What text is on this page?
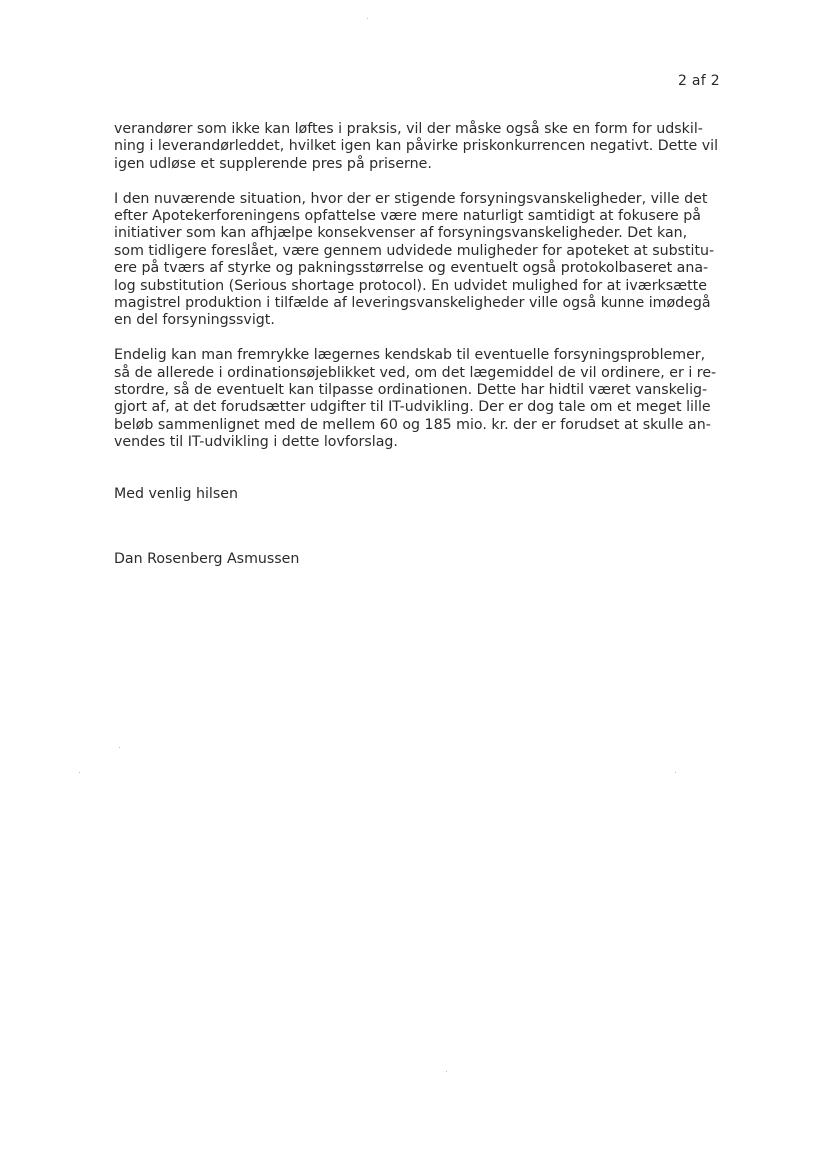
2 af 2

verandører som ikke kan løftes i praksis, vil der måske også ske en form for udskil-

ning i leverandørleddet, hvilket igen kan påvirke priskonkurrencen negativt. Dette vil

igen udløse et supplerende pres på priserne.

I den nuværende situation, hvor der er stigende forsyningsvanskeligheder, ville det

efter Apotekerforeningens opfattelse være mere naturligt samtidigt at fokusere på

initiativer som kan afhjælpe konsekvenser af forsyningsvanskeligheder. Det kan,

som tidligere foreslået, være gennem udvidede muligheder for apoteket at substitu-

ere på tværs af styrke og pakningsstørrelse og eventuelt også protokolbaseret ana-

log substitution (Serious shortage protocol). En udvidet mulighed for at iværksætte

magistrel produktion i tilfælde af leveringsvanskeligheder ville også kunne imødegå

en del forsyningssvigt.

Endelig kan man fremrykke lægernes kendskab til eventuelle forsyningsproblemer,

så de allerede i ordinationsøjeblikket ved, om det lægemiddel de vil ordinere, er i re-

stordre, så de eventuelt kan tilpasse ordinationen. Dette har hidtil været vanskelig-

gjort af, at det forudsætter udgifter til IT-udvikling. Der er dog tale om et meget lille

beløb sammenlignet med de mellem 60 og 185 mio. kr. der er forudset at skulle an-

vendes til IT-udvikling i dette lovforslag.

Med venlig hilsen
Dan Rosenberg Asmussen
